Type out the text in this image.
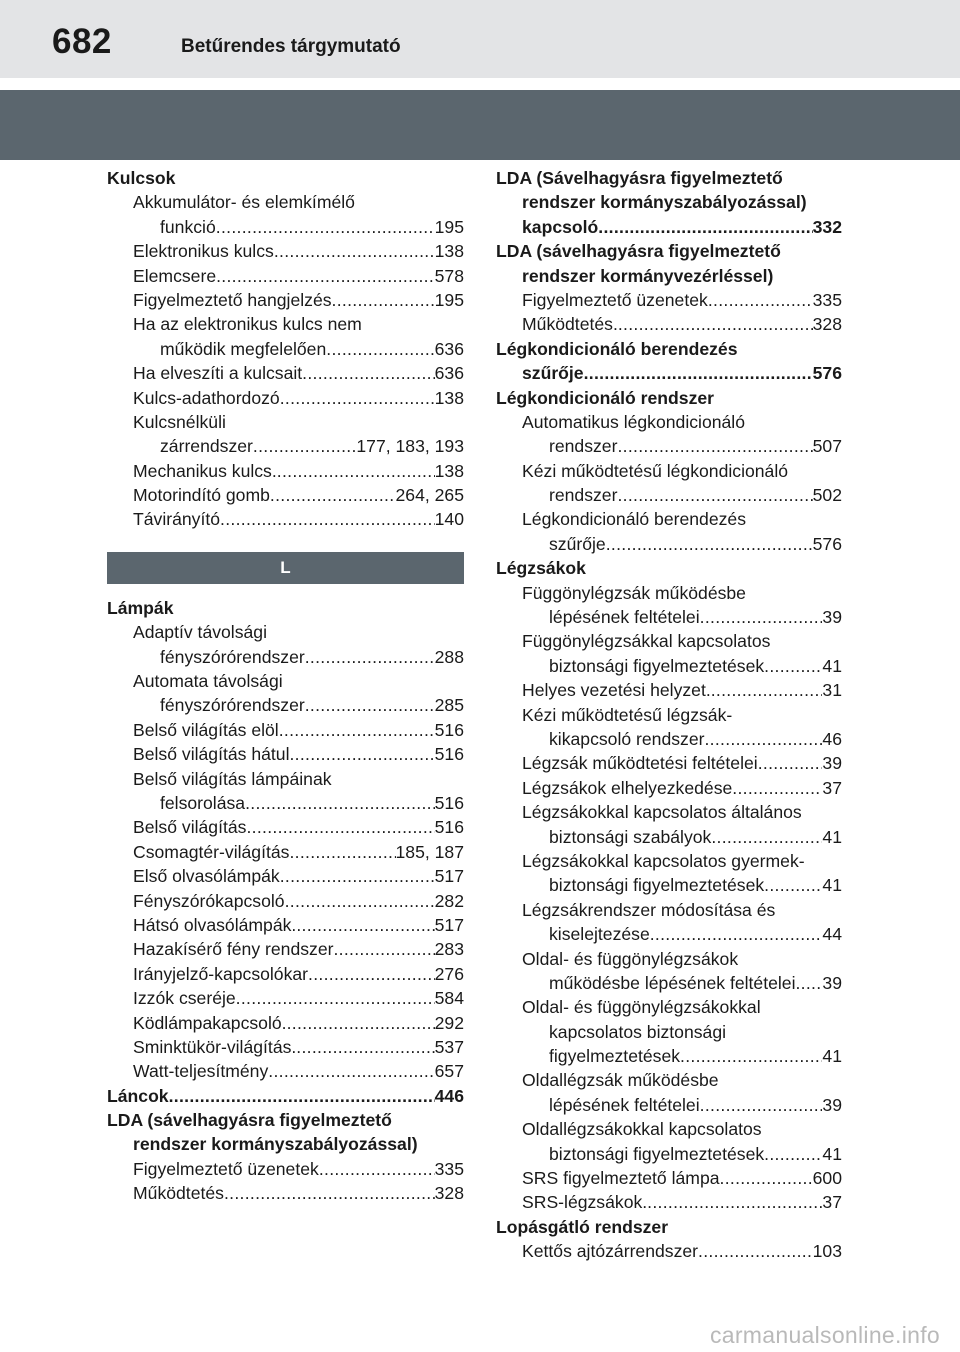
682	Betűrendes tárgymutató
Kulcsok
Akkumulátor- és elemkímélő
funkció .....	195
Elektronikus kulcs .....	138
Elemcsere .....	578
Figyelmeztető hangjelzés .....	195
Ha az elektronikus kulcs nem
működik megfelelően .....	636
Ha elveszíti a kulcsait .....	636
Kulcs-adathordozó .....	138
Kulcsnélküli
zárrendszer .....	177, 183, 193
Mechanikus kulcs. .....	138
Motorindító gomb .....	264, 265
Távirányító .....	140
L
Lámpák
Adaptív távolsági
fényszórórendszer .....	288
Automata távolsági
fényszórórendszer .....	285
Belső világítás elöl .....	516
Belső világítás hátul .....	516
Belső világítás lámpáinak
felsorolása .....	516
Belső világítás .....	516
Csomagtér-világítás .....	185, 187
Első olvasólámpák .....	517
Fényszórókapcsoló .....	282
Hátsó olvasólámpák. .....	517
Hazakísérő fény rendszer .....	283
Irányjelző-kapcsolókar .....	276
Izzók cseréje .....	584
Ködlámpakapcsoló. .....	292
Sminktükör-világítás. .....	537
Watt-teljesítmény .....	657
Láncok .....	446
LDA (sávelhagyásra figyelmeztető
rendszer kormányszabályozással)
Figyelmeztető üzenetek .....	335
Működtetés .....	328
LDA (Sávelhagyásra figyelmeztető
rendszer kormányszabályozással)
kapcsoló .....	332
LDA (sávelhagyásra figyelmeztető
rendszer kormányvezérléssel)
Figyelmeztető üzenetek .....	335
Működtetés. .....	328
Légkondicionáló berendezés
szűrője .....	576
Légkondicionáló rendszer
Automatikus légkondicionáló
rendszer .....	507
Kézi működtetésű légkondicionáló
rendszer .....	502
Légkondicionáló berendezés
szűrője .....	576
Légzsákok
Függönylégzsák működésbe
lépésének feltételei .....	39
Függönylégzsákkal kapcsolatos
biztonsági figyelmeztetések .....	41
Helyes vezetési helyzet. .....	31
Kézi működtetésű légzsák-
kikapcsoló rendszer .....	46
Légzsák működtetési feltételei .....	39
Légzsákok elhelyezkedése .....	37
Légzsákokkal kapcsolatos általános
biztonsági szabályok .....	41
Légzsákokkal kapcsolatos gyermek-
biztonsági figyelmeztetések .....	41
Légzsákrendszer módosítása és
kiselejtezése .....	44
Oldal- és függönylégzsákok
működésbe lépésének feltételei ..... 39
Oldal- és függönylégzsákokkal
kapcsolatos biztonsági
figyelmeztetések .....	41
Oldallégzsák működésbe
lépésének feltételei .....	39
Oldallégzsákokkal kapcsolatos
biztonsági figyelmeztetések .....	41
SRS figyelmeztető lámpa .....	600
SRS-légzsákok. .....	37
Lopásgátló rendszer
Kettős ajtózárrendszer .....	103
carmanualsonline.info
